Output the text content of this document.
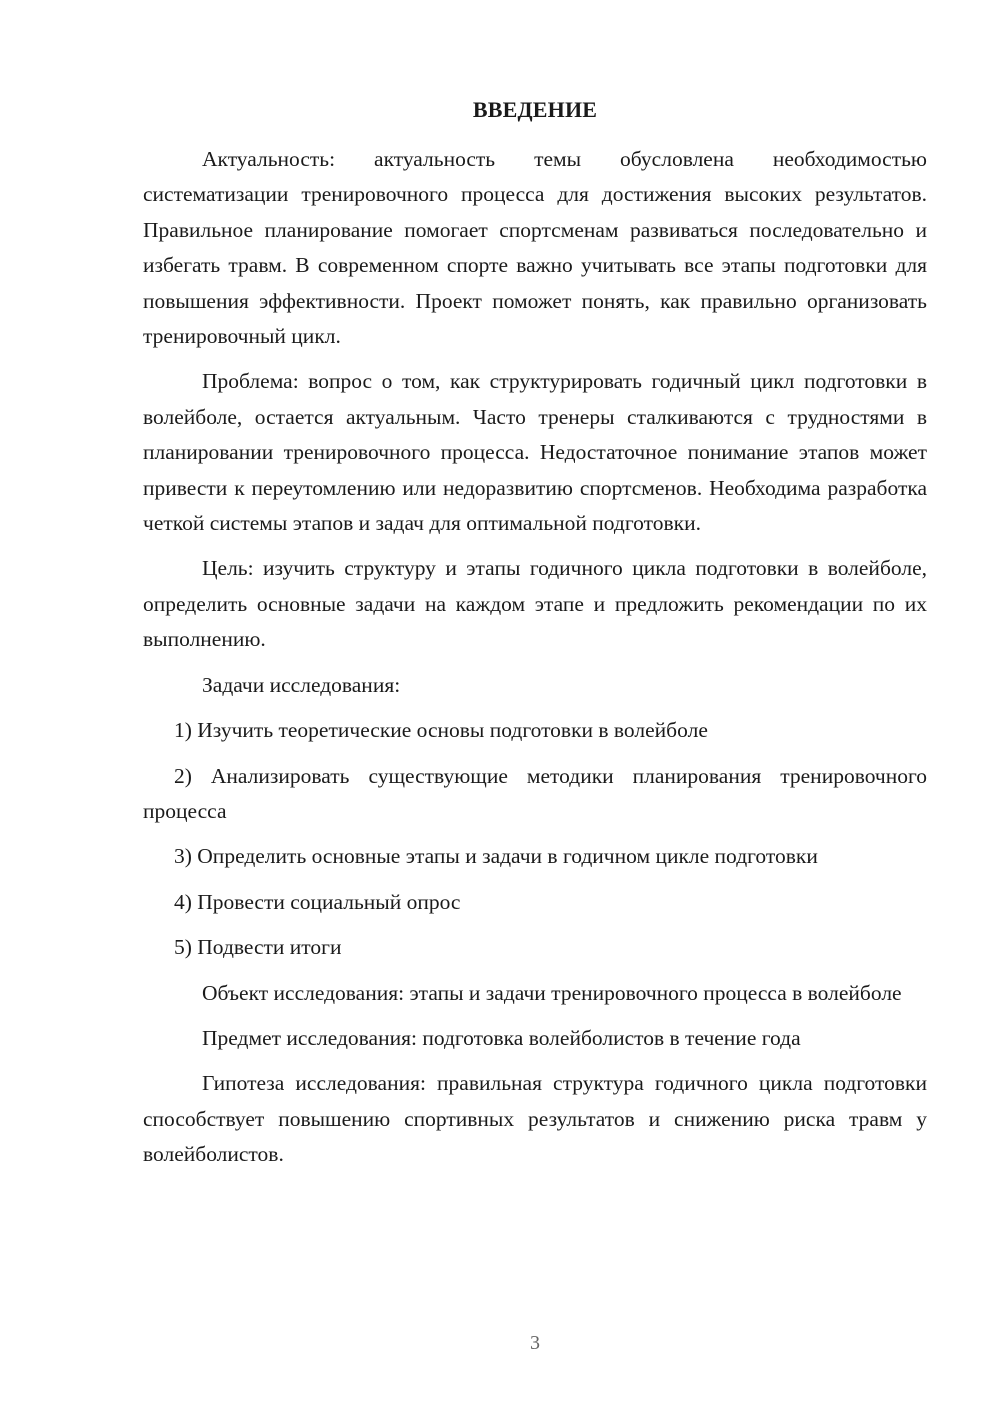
ВВЕДЕНИЕ

Актуальность: актуальность темы обусловлена необходимостью систематизации тренировочного процесса для достижения высоких результатов. Правильное планирование помогает спортсменам развиваться последовательно и избегать травм. В современном спорте важно учитывать все этапы подготовки для повышения эффективности. Проект поможет понять, как правильно организовать тренировочный цикл.

Проблема: вопрос о том, как структурировать годичный цикл подготовки в волейболе, остается актуальным. Часто тренеры сталкиваются с трудностями в планировании тренировочного процесса. Недостаточное понимание этапов может привести к переутомлению или недоразвитию спортсменов. Необходима разработка четкой системы этапов и задач для оптимальной подготовки.

Цель: изучить структуру и этапы годичного цикла подготовки в волейболе, определить основные задачи на каждом этапе и предложить рекомендации по их выполнению.

Задачи исследования:

1) Изучить теоретические основы подготовки в волейболе

2) Анализировать существующие методики планирования тренировочного процесса

3) Определить основные этапы и задачи в годичном цикле подготовки

4) Провести социальный опрос

5) Подвести итоги

Объект исследования: этапы и задачи тренировочного процесса в волейболе

Предмет исследования: подготовка волейболистов в течение года

Гипотеза исследования: правильная структура годичного цикла подготовки способствует повышению спортивных результатов и снижению риска травм у волейболистов.

3
